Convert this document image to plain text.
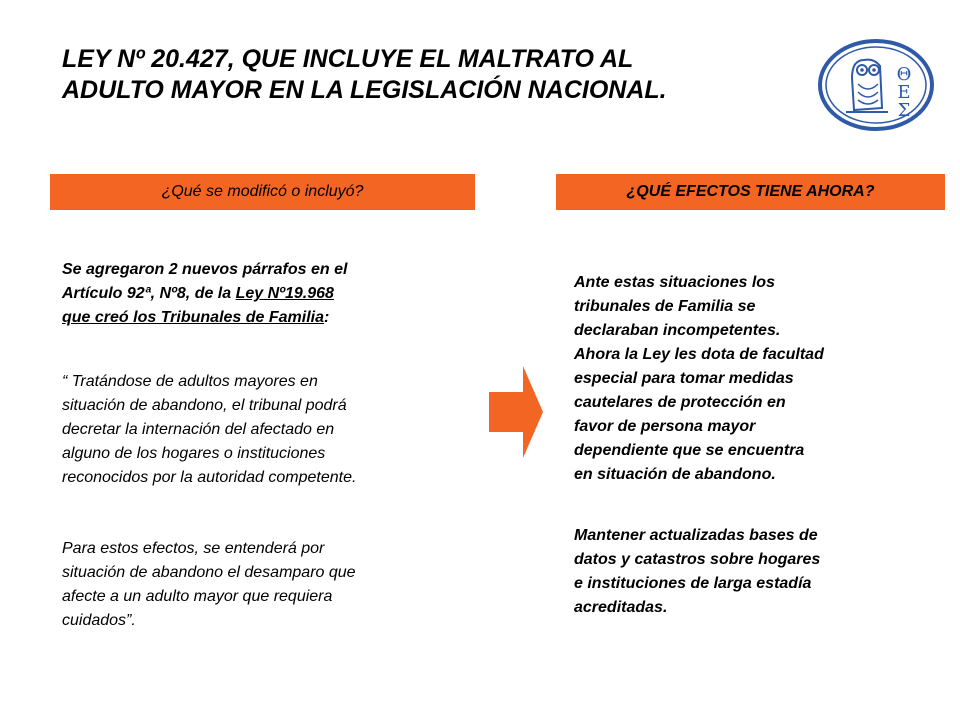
LEY Nº 20.427, QUE INCLUYE EL MALTRATO AL
ADULTO MAYOR EN LA LEGISLACIÓN NACIONAL.
Θ
Ε
Σ
¿Qué se modificó o incluyó?	¿QUÉ EFECTOS TIENE AHORA?
Se agregaron 2 nuevos párrafos en el
Artículo 92ª, Nº8, de la Ley Nº19.968
que creó los Tribunales de Familia:
“ Tratándose de adultos mayores en
situación de abandono, el tribunal podrá
decretar la internación del afectado en
alguno de los hogares o instituciones
reconocidos por la autoridad competente.
Para estos efectos, se entenderá por
situación de abandono el desamparo que
afecte a un adulto mayor que requiera
cuidados”.
Ante estas situaciones los
tribunales de Familia se
declaraban incompetentes.
Ahora la Ley les dota de facultad
especial para tomar medidas
cautelares de protección en
favor de persona mayor
dependiente que se encuentra
en situación de abandono.
Mantener actualizadas bases de
datos y catastros sobre hogares
e instituciones de larga estadía
acreditadas.
